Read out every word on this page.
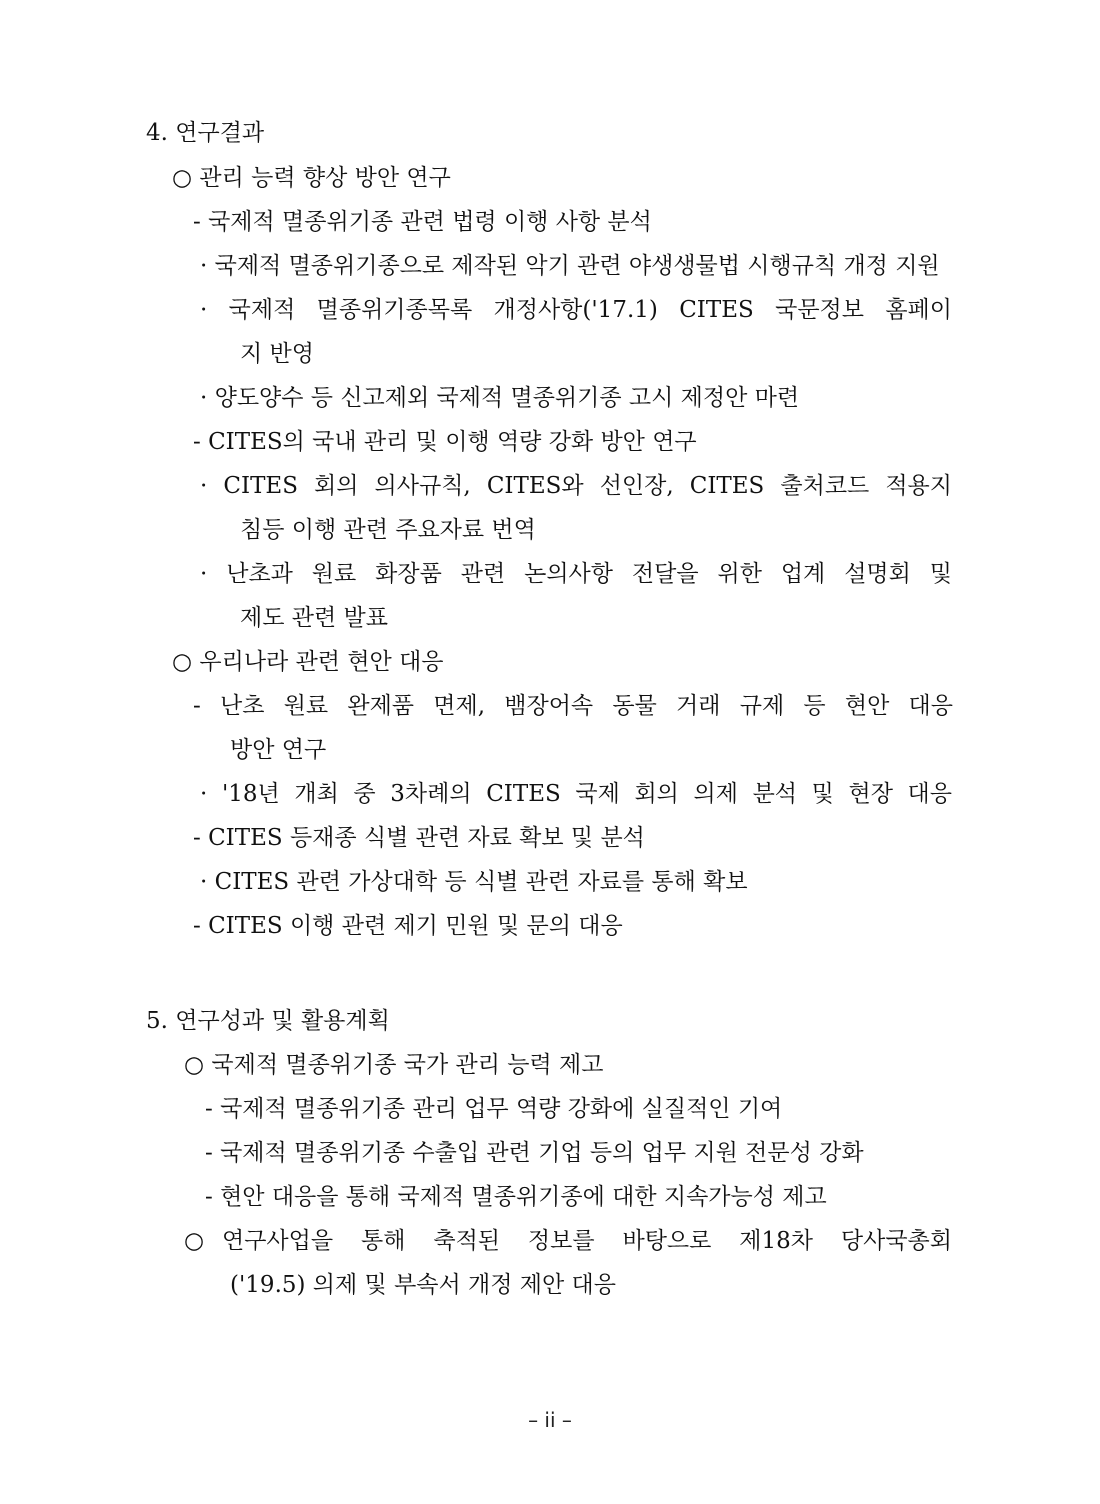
4. 연구결과
○ 관리 능력 향상 방안 연구
- 국제적 멸종위기종 관련 법령 이행 사항 분석
· 국제적 멸종위기종으로 제작된 악기 관련 야생생물법 시행규칙 개정 지원
· 국제적 멸종위기종목록 개정사항('17.1) CITES 국문정보 홈페이
지 반영
· 양도양수 등 신고제외 국제적 멸종위기종 고시 제정안 마련
- CITES의 국내 관리 및 이행 역량 강화 방안 연구
· CITES 회의 의사규칙, CITES와 선인장, CITES 출처코드 적용지
침등 이행 관련 주요자료 번역
· 난초과 원료 화장품 관련 논의사항 전달을 위한 업계 설명회 및
제도 관련 발표
○ 우리나라 관련 현안 대응
- 난초 원료 완제품 면제, 뱀장어속 동물 거래 규제 등 현안 대응
방안 연구
· '18년 개최 중 3차례의 CITES 국제 회의 의제 분석 및 현장 대응
- CITES 등재종 식별 관련 자료 확보 및 분석
· CITES 관련 가상대학 등 식별 관련 자료를 통해 확보
- CITES 이행 관련 제기 민원 및 문의 대응
5. 연구성과 및 활용계획
○ 국제적 멸종위기종 국가 관리 능력 제고
- 국제적 멸종위기종 관리 업무 역량 강화에 실질적인 기여
- 국제적 멸종위기종 수출입 관련 기업 등의 업무 지원 전문성 강화
- 현안 대응을 통해 국제적 멸종위기종에 대한 지속가능성 제고
○ 연구사업을 통해 축적된 정보를 바탕으로 제18차 당사국총회
('19.5) 의제 및 부속서 개정 제안 대응
– ii –
